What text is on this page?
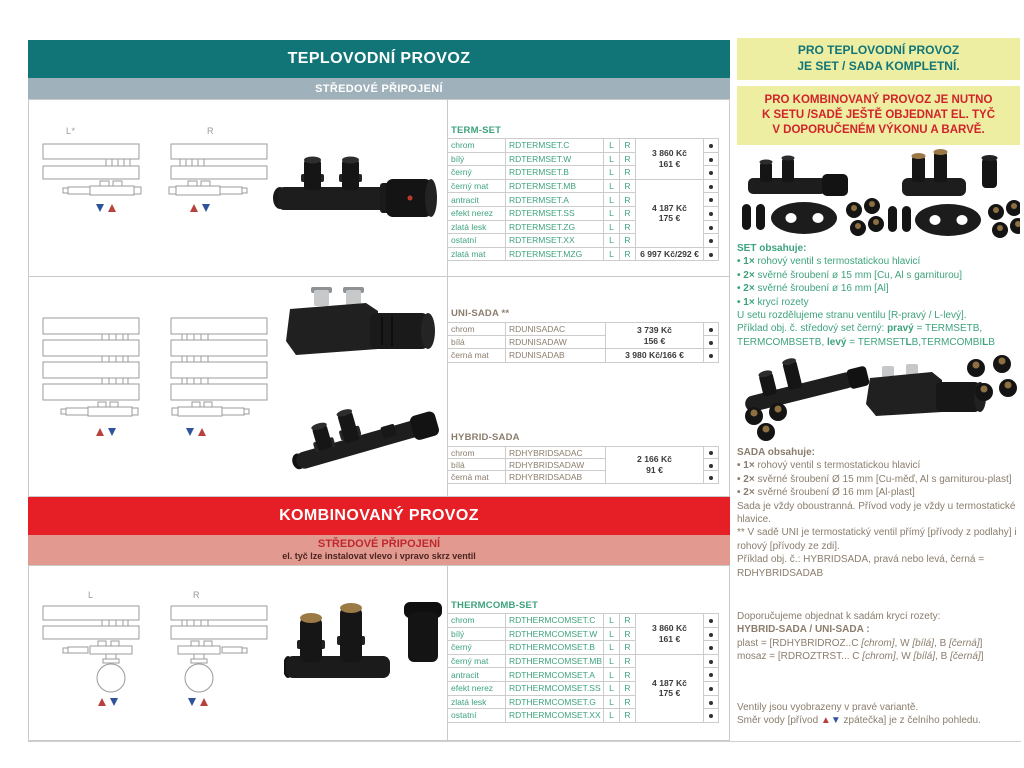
TEPLOVODNÍ PROVOZ
STŘEDOVÉ PŘIPOJENÍ
KOMBINOVANÝ PROVOZ
STŘEDOVÉ PŘIPOJENÍ
el. tyč lze instalovat vlevo i vpravo skrz ventil
L*	R	TERM-SET
chrom	RDTERMSET.C	L	R	3 860 Kč
161 €	

bílý	RDTERMSET.W	L	R		
černý	RDTERMSET.B	L	R		
černý mat	RDTERMSET.MB	L	R	4 187 Kč
175 €	

antracit	RDTERMSET.A	L	R		
efekt nerez	RDTERMSET.SS	L	R		
zlatá lesk	RDTERMSET.ZG	L	R		
ostatní	RDTERMSET.XX	L	R		
zlatá mat	RDTERMSET.MZG	L	R	6 997 Kč/292 €	

UNI-SADA **
chrom	RDUNISADAC	3 739 Kč
156 €	

bílá	RDUNISADAW		
černá mat	RDUNISADAB	3 980 Kč/166 €	

HYBRID-SADA
chrom	RDHYBRIDSADAC	2 166 Kč
91 €	

bílá	RDHYBRIDSADAW		
černá mat	RDHYBRIDSADAB		
L	R
THERMCOMB-SET
chrom	RDTHERMCOMSET.C	L	R	3 860 Kč
161 €	

bílý	RDTHERMCOMSET.W	L	R		
černý	RDTHERMCOMSET.B	L	R		
černý mat	RDTHERMCOMSET.MB	L	R	4 187 Kč
175 €	

antracit	RDTHERMCOMSET.A	L	R		
efekt nerez	RDTHERMCOMSET.SS	L	R		
zlatá lesk	RDTHERMCOMSET.G	L	R		
ostatní	RDTHERMCOMSET.XX	L	R		
PRO TEPLOVODNÍ PROVOZ
JE SET / SADA KOMPLETNÍ.
PRO KOMBINOVANÝ PROVOZ JE NUTNO
K SETU /SADĚ JEŠTĚ OBJEDNAT EL. TYČ
V DOPORUČENÉM VÝKONU A BARVĚ.
SET obsahuje:
• 1× rohový ventil s termostatickou hlavicí
• 2× svěrné šroubení ø 15 mm [Cu, Al s garniturou]
• 2× svěrné šroubení ø 16 mm [Al]
• 1× krycí rozety
U setu rozdělujeme stranu ventilu [R-pravý / L-levý].
Příklad obj. č. středový set černý: pravý = TERMSETB, TERMCOMBSETB, levý = TERMSETLB,TERMCOMBILB
SADA obsahuje:
• 1× rohový ventil s termostatickou hlavicí
• 2× svěrné šroubení Ø 15 mm [Cu-měď, Al s garniturou-plast]
• 2× svěrné šroubení Ø 16 mm [Al-plast]
Sada je vždy oboustranná. Přívod vody je vždy u termostatické hlavice.
** V sadě UNI je termostatický ventil přímý [přívody z podlahy] i rohový [přívody ze zdi].
Příklad obj. č.: HYBRIDSADA, pravá nebo levá, černá = RDHYBRIDSADAB
Doporučujeme objednat k sadám krycí rozety:
HYBRID-SADA / UNI-SADA :
plast = [RDHYBRIDROZ..C [chrom], W [bílá], B [černá]]
mosaz = [RDROZTRST... C [chrom], W [bílá], B [černá]]
Ventily jsou vyobrazeny v pravé variantě.
Směr vody [přívod ▲▼ zpátečka] je z čelního pohledu.
